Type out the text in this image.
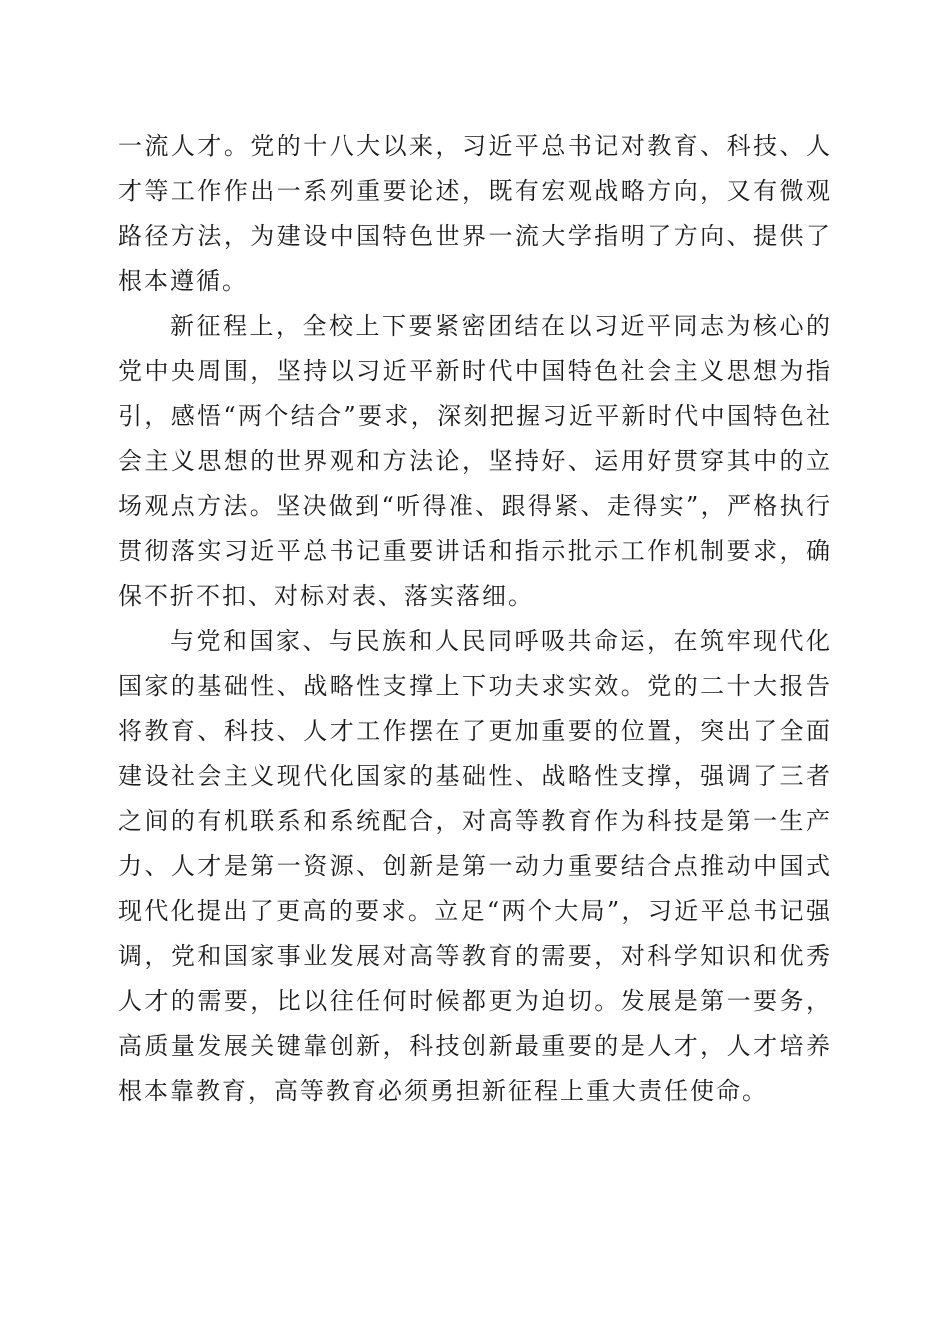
一流人才。党的十八大以来，习近平总书记对教育、科技、人才等工作作出一系列重要论述，既有宏观战略方向，又有微观路径方法，为建设中国特色世界一流大学指明了方向、提供了根本遵循。

新征程上，全校上下要紧密团结在以习近平同志为核心的党中央周围，坚持以习近平新时代中国特色社会主义思想为指引，感悟“两个结合”要求，深刻把握习近平新时代中国特色社会主义思想的世界观和方法论，坚持好、运用好贯穿其中的立场观点方法。坚决做到“听得准、跟得紧、走得实”，严格执行贯彻落实习近平总书记重要讲话和指示批示工作机制要求，确保不折不扣、对标对表、落实落细。

与党和国家、与民族和人民同呼吸共命运，在筑牢现代化国家的基础性、战略性支撑上下功夫求实效。党的二十大报告将教育、科技、人才工作摆在了更加重要的位置，突出了全面建设社会主义现代化国家的基础性、战略性支撑，强调了三者之间的有机联系和系统配合，对高等教育作为科技是第一生产力、人才是第一资源、创新是第一动力重要结合点推动中国式现代化提出了更高的要求。立足“两个大局”，习近平总书记强调，党和国家事业发展对高等教育的需要，对科学知识和优秀人才的需要，比以往任何时候都更为迫切。发展是第一要务，高质量发展关键靠创新，科技创新最重要的是人才，人才培养根本靠教育，高等教育必须勇担新征程上重大责任使命。
